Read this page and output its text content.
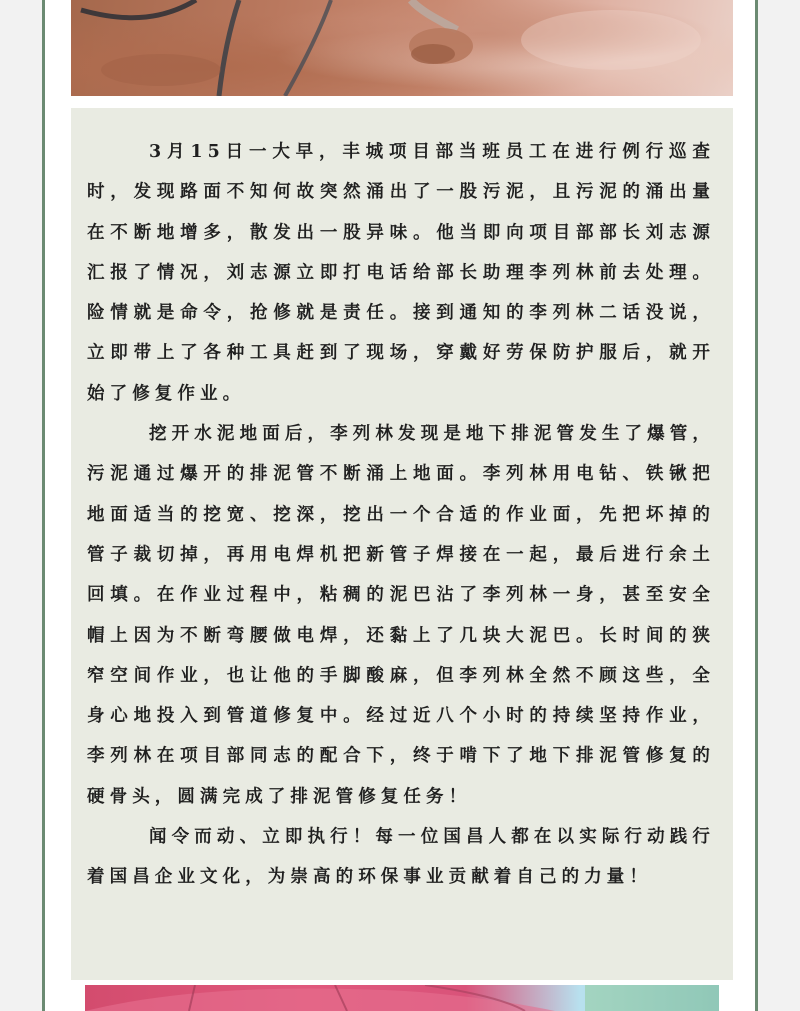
3月15日一大早，丰城项目部当班员工在进行例行巡查时，发现路面不知何故突然涌出了一股污泥，且污泥的涌出量在不断地增多，散发出一股异味。他当即向项目部部长刘志源汇报了情况，刘志源立即打电话给部长助理李列林前去处理。险情就是命令，抢修就是责任。接到通知的李列林二话没说，立即带上了各种工具赶到了现场，穿戴好劳保防护服后，就开始了修复作业。

挖开水泥地面后，李列林发现是地下排泥管发生了爆管，污泥通过爆开的排泥管不断涌上地面。李列林用电钻、铁锹把地面适当的挖宽、挖深，挖出一个合适的作业面，先把坏掉的管子裁切掉，再用电焊机把新管子焊接在一起，最后进行余土回填。在作业过程中，粘稠的泥巴沾了李列林一身，甚至安全帽上因为不断弯腰做电焊，还黏上了几块大泥巴。长时间的狭窄空间作业，也让他的手脚酸麻，但李列林全然不顾这些，全身心地投入到管道修复中。经过近八个小时的持续坚持作业，李列林在项目部同志的配合下，终于啃下了地下排泥管修复的硬骨头，圆满完成了排泥管修复任务！

闻令而动、立即执行！每一位国昌人都在以实际行动践行着国昌企业文化，为崇高的环保事业贡献着自己的力量！
